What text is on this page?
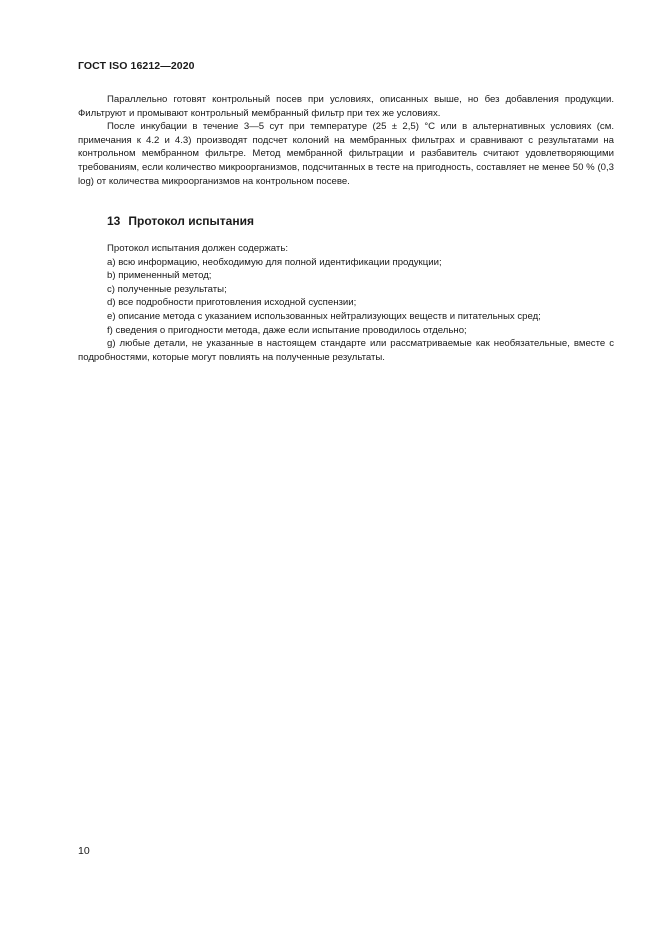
ГОСТ ISO 16212—2020

Параллельно готовят контрольный посев при условиях, описанных выше, но без добавления продукции. Фильтруют и промывают контрольный мембранный фильтр при тех же условиях.

После инкубации в течение 3—5 сут при температуре (25 ± 2,5) °C или в альтернативных условиях (см. примечания к 4.2 и 4.3) производят подсчет колоний на мембранных фильтрах и сравнивают с результатами на контрольном мембранном фильтре. Метод мембранной фильтрации и разбавитель считают удовлетворяющими требованиям, если количество микроорганизмов, подсчитанных в тесте на пригодность, составляет не менее 50 % (0,3 log) от количества микроорганизмов на контрольном посеве.

13 Протокол испытания

Протокол испытания должен содержать:

а) всю информацию, необходимую для полной идентификации продукции;

b) примененный метод;

с) полученные результаты;

d) все подробности приготовления исходной суспензии;

е) описание метода с указанием использованных нейтрализующих веществ и питательных сред;

f) сведения о пригодности метода, даже если испытание проводилось отдельно;

g) любые детали, не указанные в настоящем стандарте или рассматриваемые как необязательные, вместе с подробностями, которые могут повлиять на полученные результаты.

10
